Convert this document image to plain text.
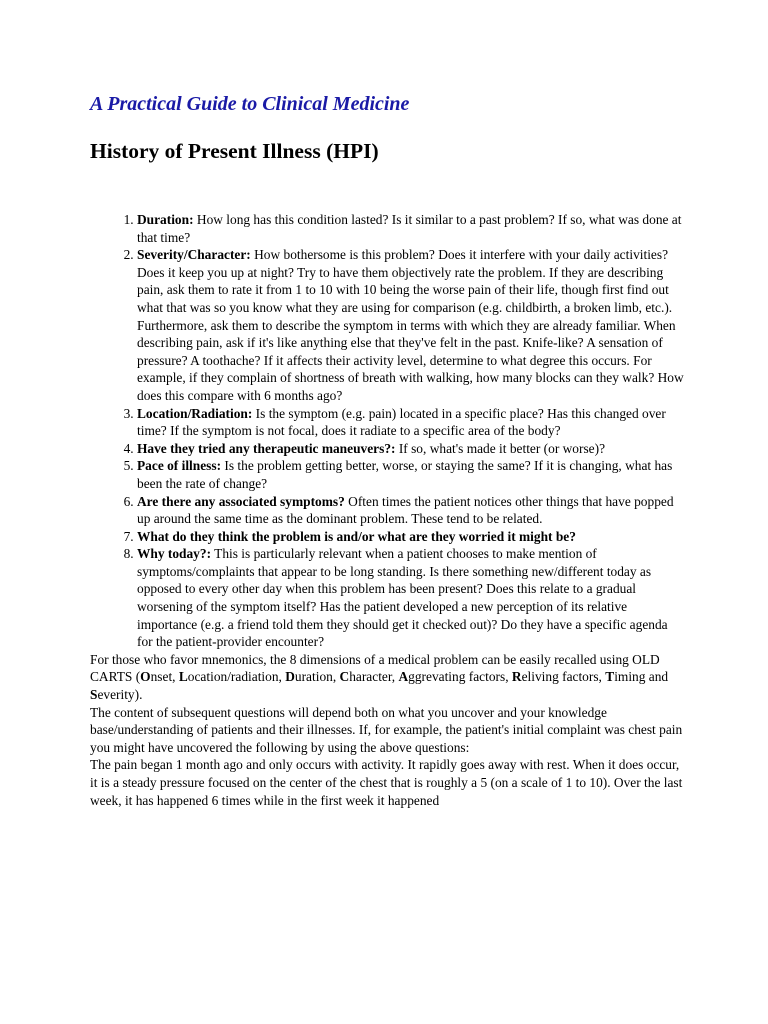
A Practical Guide to Clinical Medicine
History of Present Illness (HPI)
1. Duration: How long has this condition lasted? Is it similar to a past problem? If so, what was done at that time?
2. Severity/Character: How bothersome is this problem? Does it interfere with your daily activities? Does it keep you up at night? Try to have them objectively rate the problem. If they are describing pain, ask them to rate it from 1 to 10 with 10 being the worse pain of their life, though first find out what that was so you know what they are using for comparison (e.g. childbirth, a broken limb, etc.). Furthermore, ask them to describe the symptom in terms with which they are already familiar. When describing pain, ask if it's like anything else that they've felt in the past. Knife-like? A sensation of pressure? A toothache? If it affects their activity level, determine to what degree this occurs. For example, if they complain of shortness of breath with walking, how many blocks can they walk? How does this compare with 6 months ago?
3. Location/Radiation: Is the symptom (e.g. pain) located in a specific place? Has this changed over time? If the symptom is not focal, does it radiate to a specific area of the body?
4. Have they tried any therapeutic maneuvers?: If so, what's made it better (or worse)?
5. Pace of illness: Is the problem getting better, worse, or staying the same? If it is changing, what has been the rate of change?
6. Are there any associated symptoms? Often times the patient notices other things that have popped up around the same time as the dominant problem. These tend to be related.
7. What do they think the problem is and/or what are they worried it might be?
8. Why today?: This is particularly relevant when a patient chooses to make mention of symptoms/complaints that appear to be long standing. Is there something new/different today as opposed to every other day when this problem has been present? Does this relate to a gradual worsening of the symptom itself? Has the patient developed a new perception of its relative importance (e.g. a friend told them they should get it checked out)? Do they have a specific agenda for the patient-provider encounter?

For those who favor mnemonics, the 8 dimensions of a medical problem can be easily recalled using OLD CARTS (Onset, Location/radiation, Duration, Character, Aggrevating factors, Reliving factors, Timing and Severity).

The content of subsequent questions will depend both on what you uncover and your knowledge base/understanding of patients and their illnesses. If, for example, the patient's initial complaint was chest pain you might have uncovered the following by using the above questions:

The pain began 1 month ago and only occurs with activity. It rapidly goes away with rest. When it does occur, it is a steady pressure focused on the center of the chest that is roughly a 5 (on a scale of 1 to 10). Over the last week, it has happened 6 times while in the first week it happened
